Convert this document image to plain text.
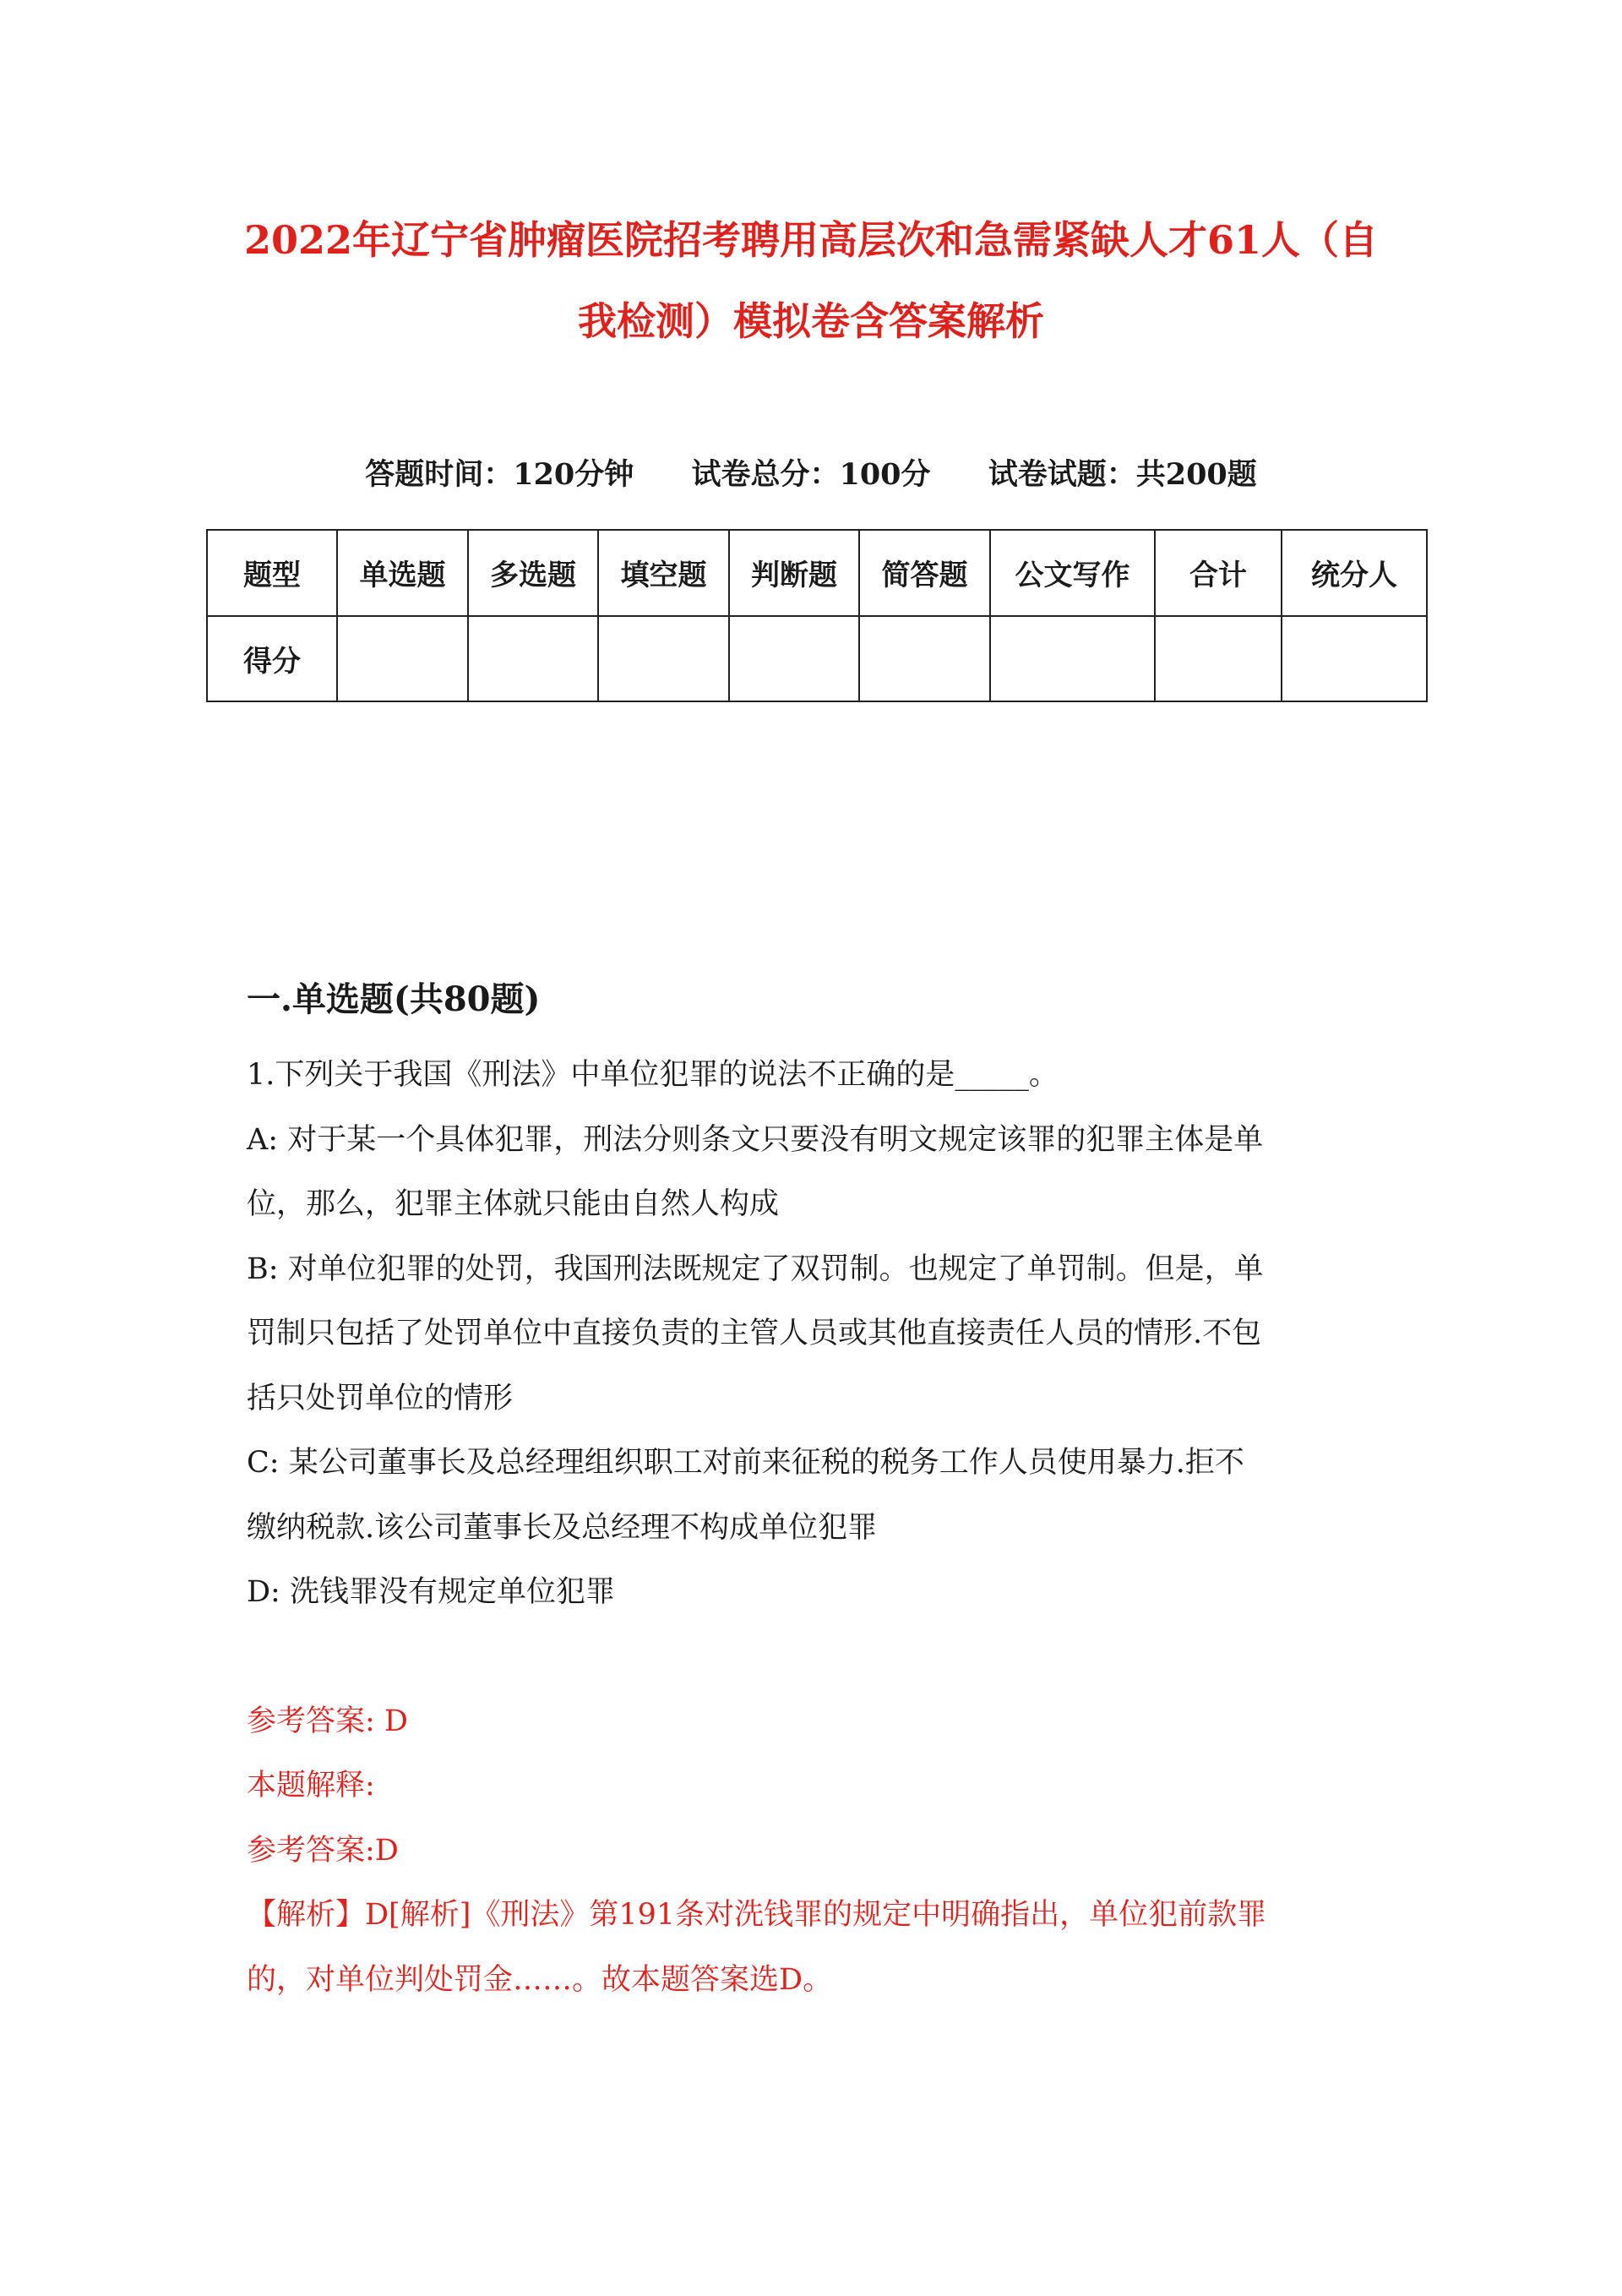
2022年辽宁省肿瘤医院招考聘用高层次和急需紧缺人才61人（自
我检测）模拟卷含答案解析
答题时间：120分钟 试卷总分：100分 试卷试题：共200题
题型	单选题	多选题	填空题	判断题	简答题	公文写作	合计	统分人
得分								
一.单选题(共80题)
1.下列关于我国《刑法》中单位犯罪的说法不正确的是_____。
A: 对于某一个具体犯罪，刑法分则条文只要没有明文规定该罪的犯罪主体是单
位，那么，犯罪主体就只能由自然人构成
B: 对单位犯罪的处罚，我国刑法既规定了双罚制。也规定了单罚制。但是，单
罚制只包括了处罚单位中直接负责的主管人员或其他直接责任人员的情形.不包
括只处罚单位的情形
C: 某公司董事长及总经理组织职工对前来征税的税务工作人员使用暴力.拒不
缴纳税款.该公司董事长及总经理不构成单位犯罪
D: 洗钱罪没有规定单位犯罪
参考答案: D
本题解释:
参考答案:D
【解析】D[解析]《刑法》第191条对洗钱罪的规定中明确指出，单位犯前款罪
的，对单位判处罚金……。故本题答案选D。
